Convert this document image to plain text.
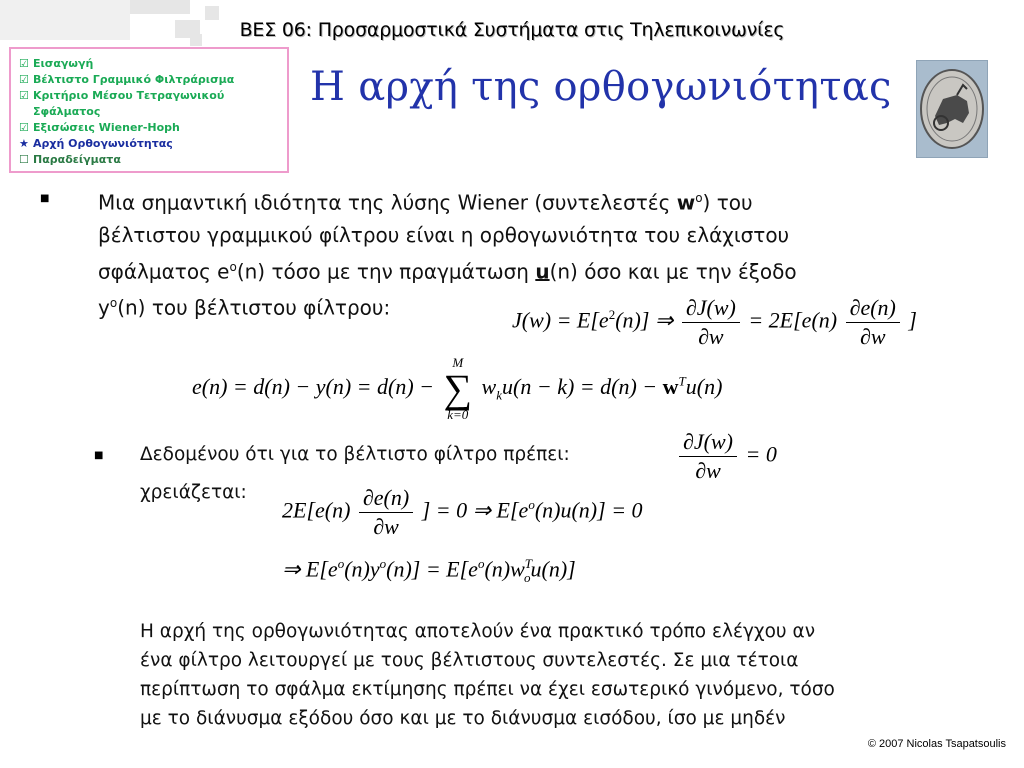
ΒΕΣ 06: Προσαρμοστικά Συστήματα στις Τηλεπικοινωνίες
☑ Εισαγωγή
☑ Βέλτιστο Γραμμικό Φιλτράρισμα
☑ Κριτήριο Μέσου Τετραγωνικού
Σφάλματος
☑ Εξισώσεις Wiener-Hoph
★ Αρχή Ορθογωνιότητας
☐ Παραδείγματα
Η αρχή της ορθογωνιότητας
■ Μια σημαντική ιδιότητα της λύσης Wiener (συντελεστές $w^o$) του
βέλτιστου γραμμικού φίλτρου είναι η ορθογωνιότητα του ελάχιστου
σφάλματος $e^o(n)$ τόσο με την πραγμάτωση u(n) όσο και με την έξοδο
$y^o(n)$ του βέλτιστου φίλτρου:	$J(w) = E[e^2(n)]$ ⇒ $\frac{\partial J(w)}{\partial w} = 2E[e(n) \frac{\partial e(n)}{\partial w}$ ]
e(n) = d(n) − y(n) = d(n) −
M
∑
k=0
$w_ku(n - k) = d(n) - w^Tu(n)$
■ Δεδομένου ότι για το βέλτιστο φίλτρο πρέπει:
χρειάζεται:
$\frac{\partial J(w)}{\partial w} = 0$
$2E[e(n) \frac{\partial e(n)}{\partial w}$ ] = 0 ⇒ $E[e^o(n)u(n)] = 0$
⇒ $E[e^o(n)y^o(n)] = E[e^o(n)w^T_ou(n)]$
Η αρχή της ορθογωνιότητας αποτελούν ένα πρακτικό τρόπο ελέγχου αν
ένα φίλτρο λειτουργεί με τους βέλτιστους συντελεστές. Σε μια τέτοια
περίπτωση το σφάλμα εκτίμησης πρέπει να έχει εσωτερικό γινόμενο, τόσο
με το διάνυσμα εξόδου όσο και με το διάνυσμα εισόδου, ίσο με μηδέν
© 2007 Nicolas Tsapatsoulis
